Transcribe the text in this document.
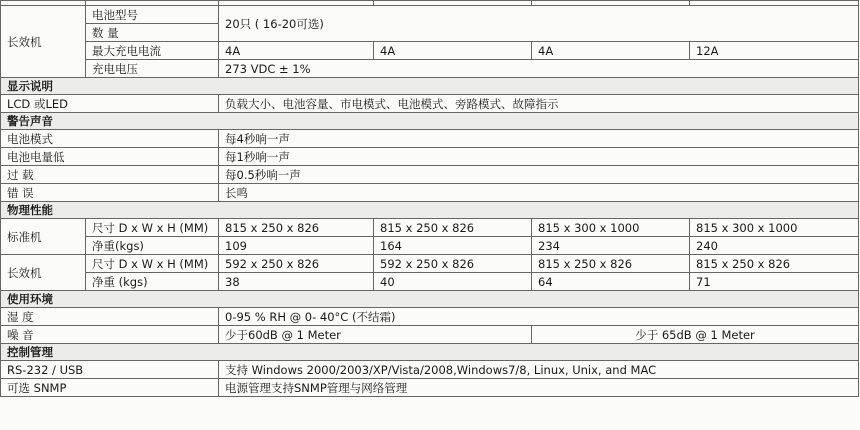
长效机	电池型号	20只 ( 16-20可选)			
	数 量				
	最大充电电流	4A	4A	4A	12A
	充电电压	273 VDC ± 1%			
显示说明					
LCD 或LED		负载大小、电池容量、市电模式、电池模式、旁路模式、故障指示			
警告声音					
电池模式		每4秒响一声			
电池电量低		每1秒响一声			
过 载		每0.5秒响一声			
错 误		长鸣			
物理性能					
标准机	尺寸 D x W x H (MM)	815 x 250 x 826	815 x 250 x 826	815 x 300 x 1000	815 x 300 x 1000
	净重(kgs)	109	164	234	240
长效机	尺寸 D x W x H (MM)	592 x 250 x 826	592 x 250 x 826	815 x 250 x 826	815 x 250 x 826
	净重 (kgs)	38	40	64	71
使用环境					
湿 度		0-95 % RH @ 0- 40°C (不结霜)			
噪 音		少于60dB @ 1 Meter		少于 65dB @ 1 Meter	
控制管理					
RS-232 / USB		支持 Windows 2000/2003/XP/Vista/2008,Windows7/8, Linux, Unix, and MAC			
可选 SNMP		电源管理支持SNMP管理与网络管理			
